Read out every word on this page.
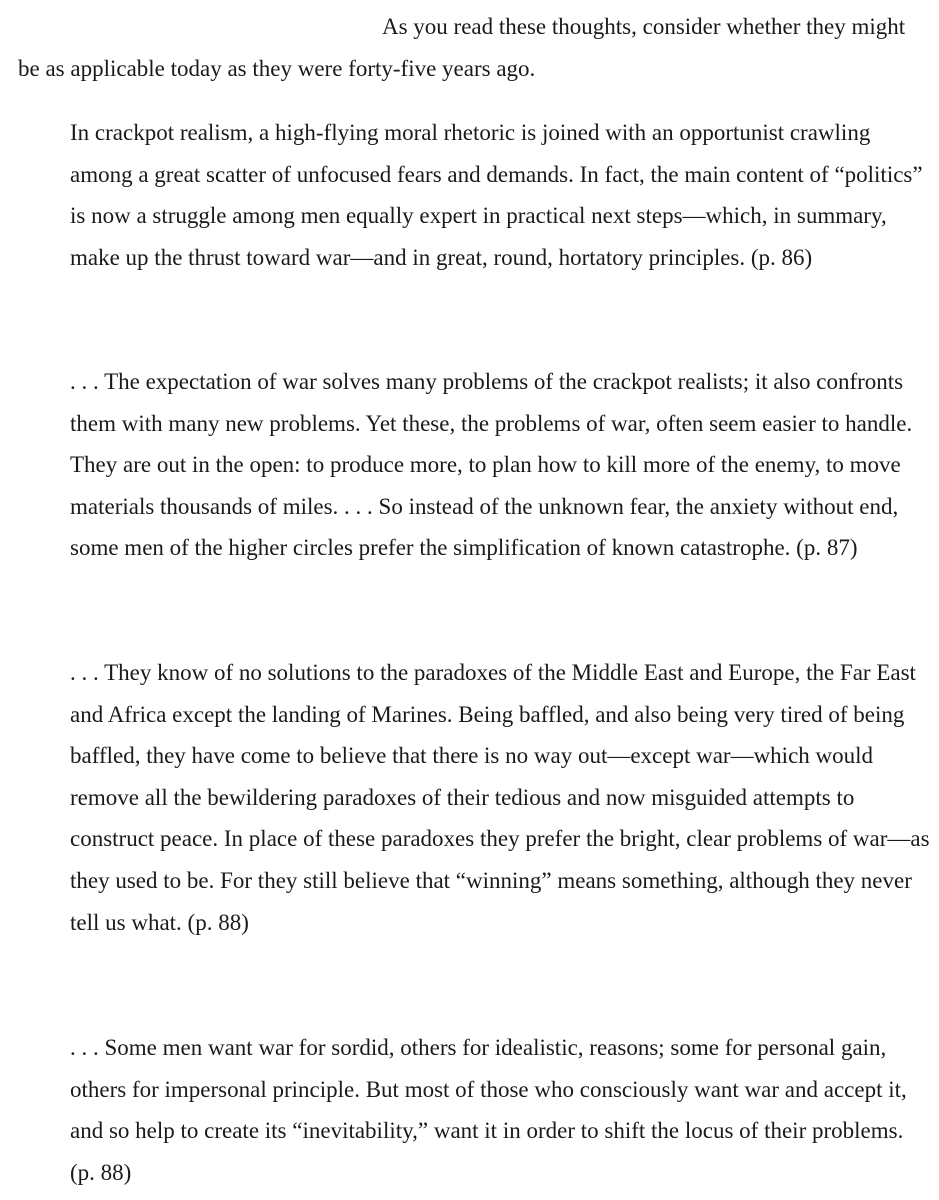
As you read these thoughts, consider whether they might be as applicable today as they were forty-five years ago.

In crackpot realism, a high-flying moral rhetoric is joined with an opportunist crawling among a great scatter of unfocused fears and demands. In fact, the main content of “politics” is now a struggle among men equally expert in practical next steps—which, in summary, make up the thrust toward war—and in great, round, hortatory principles. (p. 86)

. . . The expectation of war solves many problems of the crackpot realists; it also confronts them with many new problems. Yet these, the problems of war, often seem easier to handle. They are out in the open: to produce more, to plan how to kill more of the enemy, to move materials thousands of miles. . . . So instead of the unknown fear, the anxiety without end, some men of the higher circles prefer the simplification of known catastrophe. (p. 87)

. . . They know of no solutions to the paradoxes of the Middle East and Europe, the Far East and Africa except the landing of Marines. Being baffled, and also being very tired of being baffled, they have come to believe that there is no way out—except war—which would remove all the bewildering paradoxes of their tedious and now misguided attempts to construct peace. In place of these paradoxes they prefer the bright, clear problems of war—as they used to be. For they still believe that “winning” means something, although they never tell us what. (p. 88)

. . . Some men want war for sordid, others for idealistic, reasons; some for personal gain, others for impersonal principle. But most of those who consciously want war and accept it, and so help to create its “inevitability,” want it in order to shift the locus of their problems. (p. 88)
